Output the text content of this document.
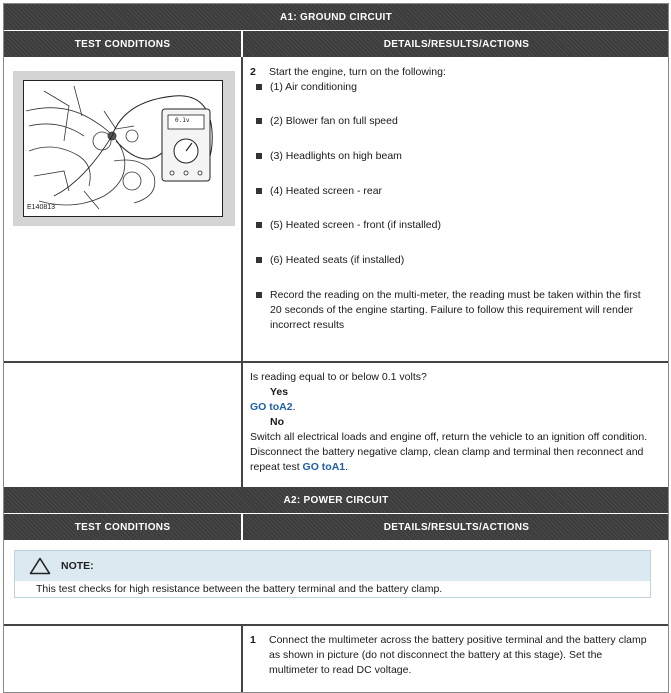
A1: GROUND CIRCUIT
TEST CONDITIONS	DETAILS/RESULTS/ACTIONS
0.1v
E140813
2 Start the engine, turn on the following:
(1) Air conditioning
(2) Blower fan on full speed
(3) Headlights on high beam
(4) Heated screen - rear
(5) Heated screen - front (if installed)
(6) Heated seats (if installed)
Record the reading on the multi-meter, the reading must be taken within the first
20 seconds of the engine starting. Failure to follow this requirement will render
incorrect results
Is reading equal to or below 0.1 volts?
Yes
GO toA2.
No
Switch all electrical loads and engine off, return the vehicle to an ignition off condition.
Disconnect the battery negative clamp, clean clamp and terminal then reconnect and
repeat test GO toA1.
A2: POWER CIRCUIT
TEST CONDITIONS	DETAILS/RESULTS/ACTIONS
NOTE:
This test checks for high resistance between the battery terminal and the battery clamp.
1 Connect the multimeter across the battery positive terminal and the battery clamp
as shown in picture (do not disconnect the battery at this stage). Set the
multimeter to read DC voltage.
